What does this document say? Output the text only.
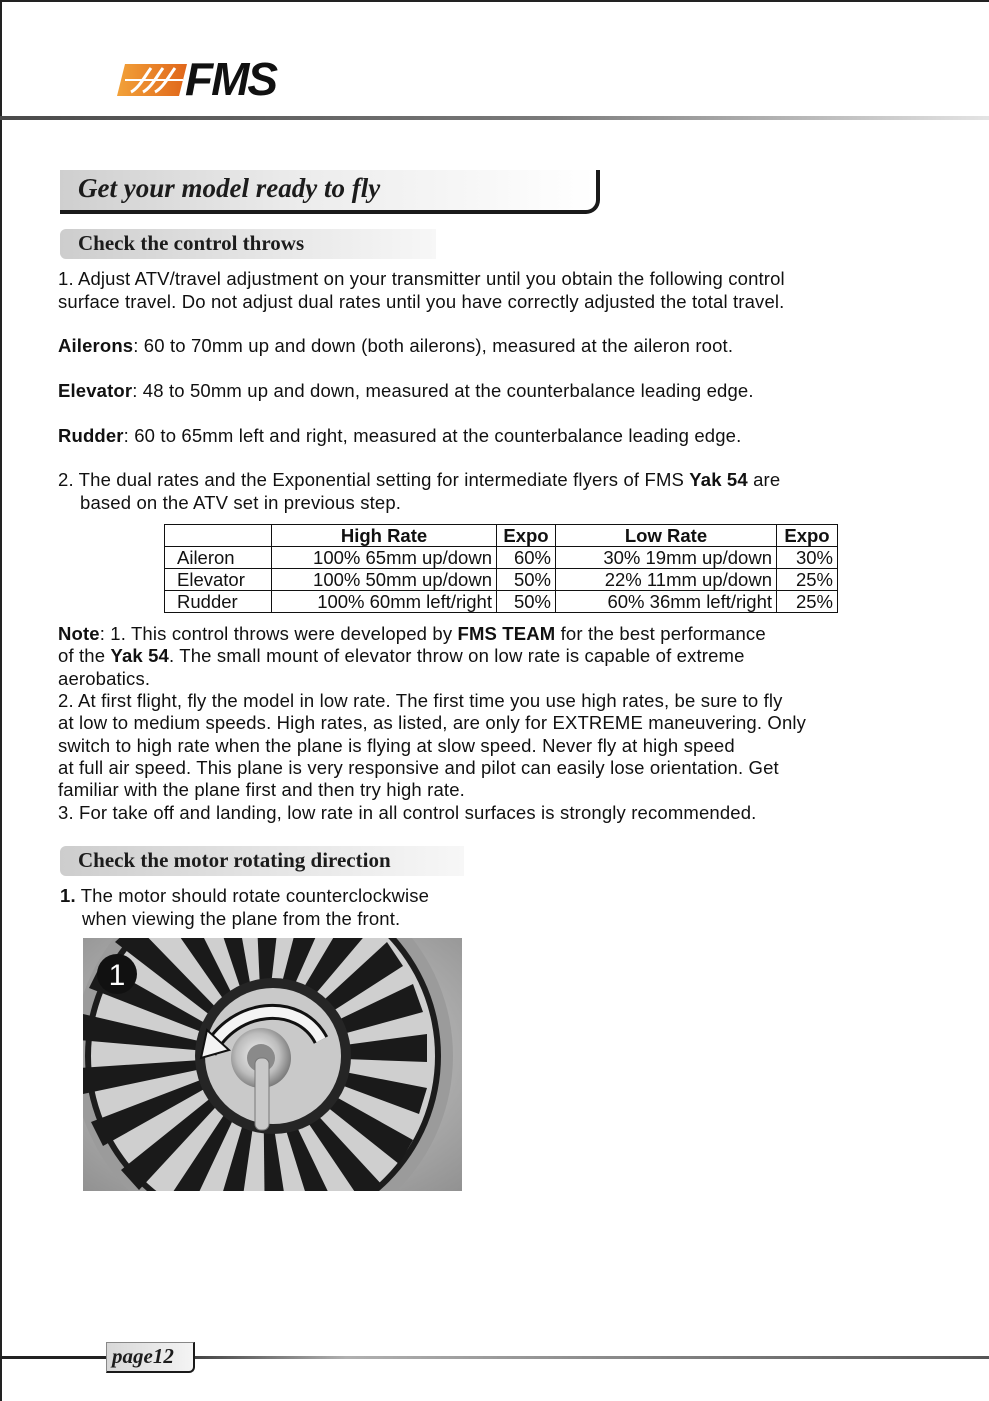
FMS
Get your model ready to fly
Check the control throws
1. Adjust ATV/travel adjustment on your transmitter until you obtain the following control
surface travel. Do not adjust dual rates until you have correctly adjusted the total travel.
Ailerons: 60 to 70mm up and down (both ailerons), measured at the aileron root.
Elevator: 48 to 50mm up and down, measured at the counterbalance leading edge.
Rudder: 60 to 65mm left and right, measured at the counterbalance leading edge.
2. The dual rates and the Exponential setting for intermediate flyers of FMS Yak 54 are
based on the ATV set in previous step.
	High Rate	Expo	Low Rate	Expo
Aileron	100% 65mm up/down	60%	30% 19mm up/down	30%
Elevator	100% 50mm up/down	50%	22% 11mm up/down	25%
Rudder	100% 60mm left/right	50%	60% 36mm left/right	25%
Note: 1. This control throws were developed by FMS TEAM for the best performance
of the Yak 54. The small mount of elevator throw on low rate is capable of extreme
aerobatics.
2. At first flight, fly the model in low rate. The first time you use high rates, be sure to fly
at low to medium speeds. High rates, as listed, are only for EXTREME maneuvering. Only
switch to high rate when the plane is flying at slow speed. Never fly at high speed
at full air speed. This plane is very responsive and pilot can easily lose orientation. Get
familiar with the plane first and then try high rate.
3. For take off and landing, low rate in all control surfaces is strongly recommended.
Check the motor rotating direction
1. The motor should rotate counterclockwise
when viewing the plane from the front.
1
page12
